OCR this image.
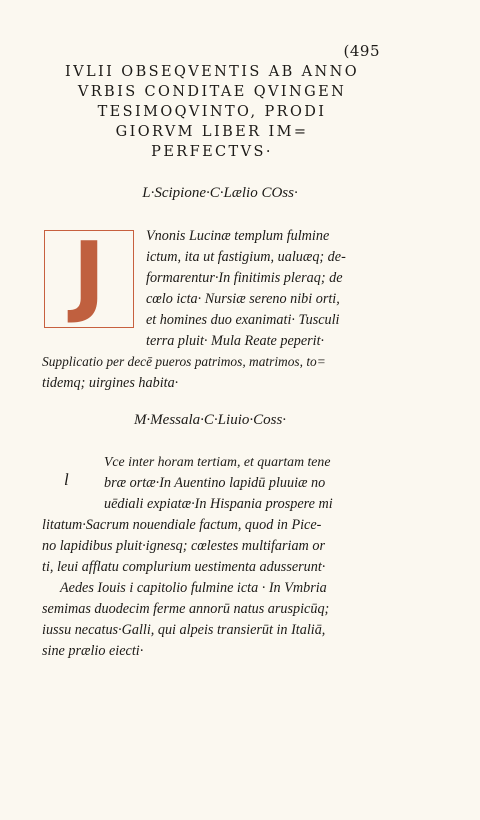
(495
IVLII OBSEQVENTIS AB ANNO
VRBIS CONDITAE QVINGEN
TESIMOQVINTO, PRODI
GIORVM LIBER IM=
PERFECTVS·
L·Scipione·C·Lælio COss·
J	Vnonis Lucinæ templum fulmine
ictum, ita ut fastigium, ualuæq; de-
formarentur·In finitimis pleraq; de
cœlo icta· Nursiæ sereno nibi orti,
et homines duo exanimati· Tusculi
terra pluit· Mula Reate peperit·
Supplicatio per decē pueros patrimos, matrimos, to=
tidemq; uirgines habita·
M·Messala·C·Liuio·Coss·
l
Vce inter horam tertiam, et quartam tene
bræ ortæ·In Auentino lapidū pluuiæ no
uēdiali expiatæ·In Hispania prospere mi
litatum·Sacrum nouendiale factum, quod in Pice-
no lapidibus pluit·ignesq; cœlestes multifariam or
ti, leui afflatu complurium uestimenta adusserunt·
Aedes Iouis i capitolio fulmine icta · In Vmbria
semimas duodecim ferme annorū natus aruspicūq;
iussu necatus·Galli, qui alpeis transierūt in Italiā,
sine prælio eiecti·
